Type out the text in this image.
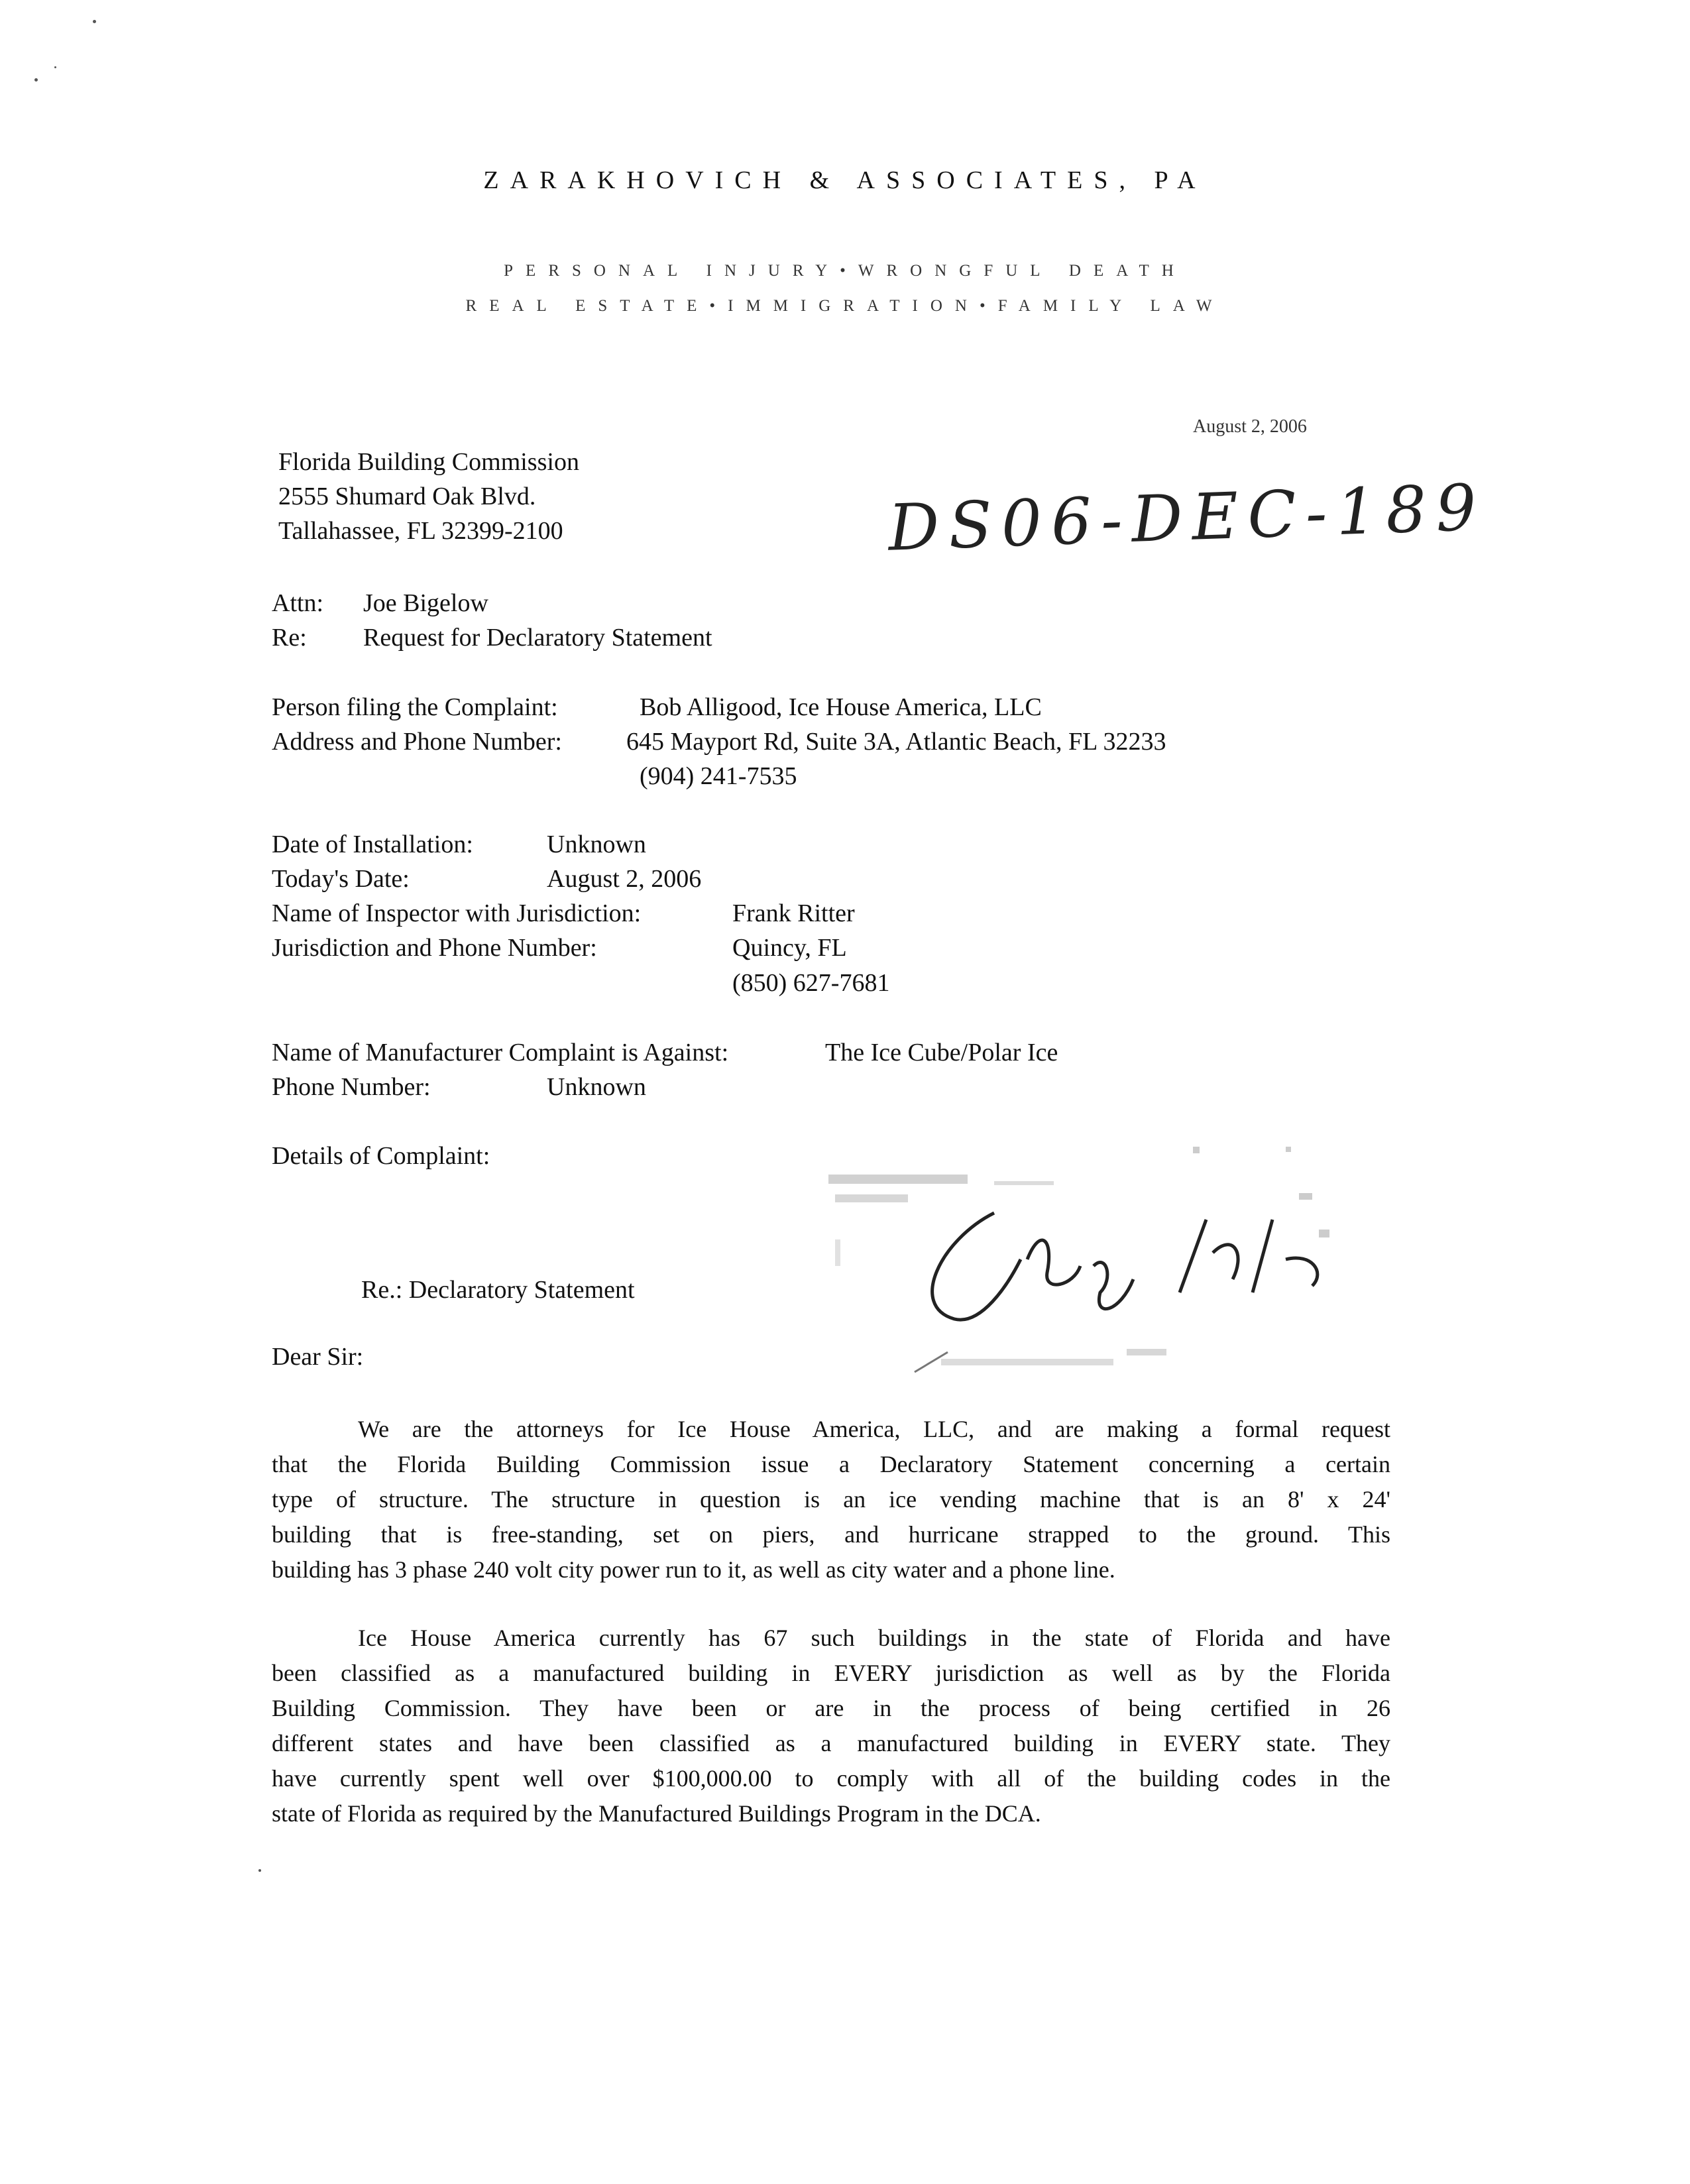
ZARAKHOVICH & ASSOCIATES, PA
PERSONAL INJURY•WRONGFUL DEATH
REAL ESTATE•IMMIGRATION•FAMILY LAW
August 2, 2006
Florida Building Commission
2555 Shumard Oak Blvd.
Tallahassee, FL 32399-2100	DS06-DEC-189
Attn: Joe Bigelow
Re: Request for Declaratory Statement
Person filing the Complaint:	Bob Alligood, Ice House America, LLC
Address and Phone Number:	645 Mayport Rd, Suite 3A, Atlantic Beach, FL 32233
(904) 241-7535
Date of Installation:	Unknown
Today's Date:	August 2, 2006
Name of Inspector with Jurisdiction:	Frank Ritter
Jurisdiction and Phone Number:	Quincy, FL
(850) 627-7681
Name of Manufacturer Complaint is Against:	The Ice Cube/Polar Ice
Phone Number:	Unknown
Details of Complaint:
Re.: Declaratory Statement
Dear Sir:
We are the attorneys for Ice House America, LLC, and are making a formal request
that the Florida Building Commission issue a Declaratory Statement concerning a certain
type of structure. The structure in question is an ice vending machine that is an 8' x 24'
building that is free-standing, set on piers, and hurricane strapped to the ground. This
building has 3 phase 240 volt city power run to it, as well as city water and a phone line.
Ice House America currently has 67 such buildings in the state of Florida and have
been classified as a manufactured building in EVERY jurisdiction as well as by the Florida
Building Commission. They have been or are in the process of being certified in 26
different states and have been classified as a manufactured building in EVERY state. They
have currently spent well over $100,000.00 to comply with all of the building codes in the
state of Florida as required by the Manufactured Buildings Program in the DCA.
